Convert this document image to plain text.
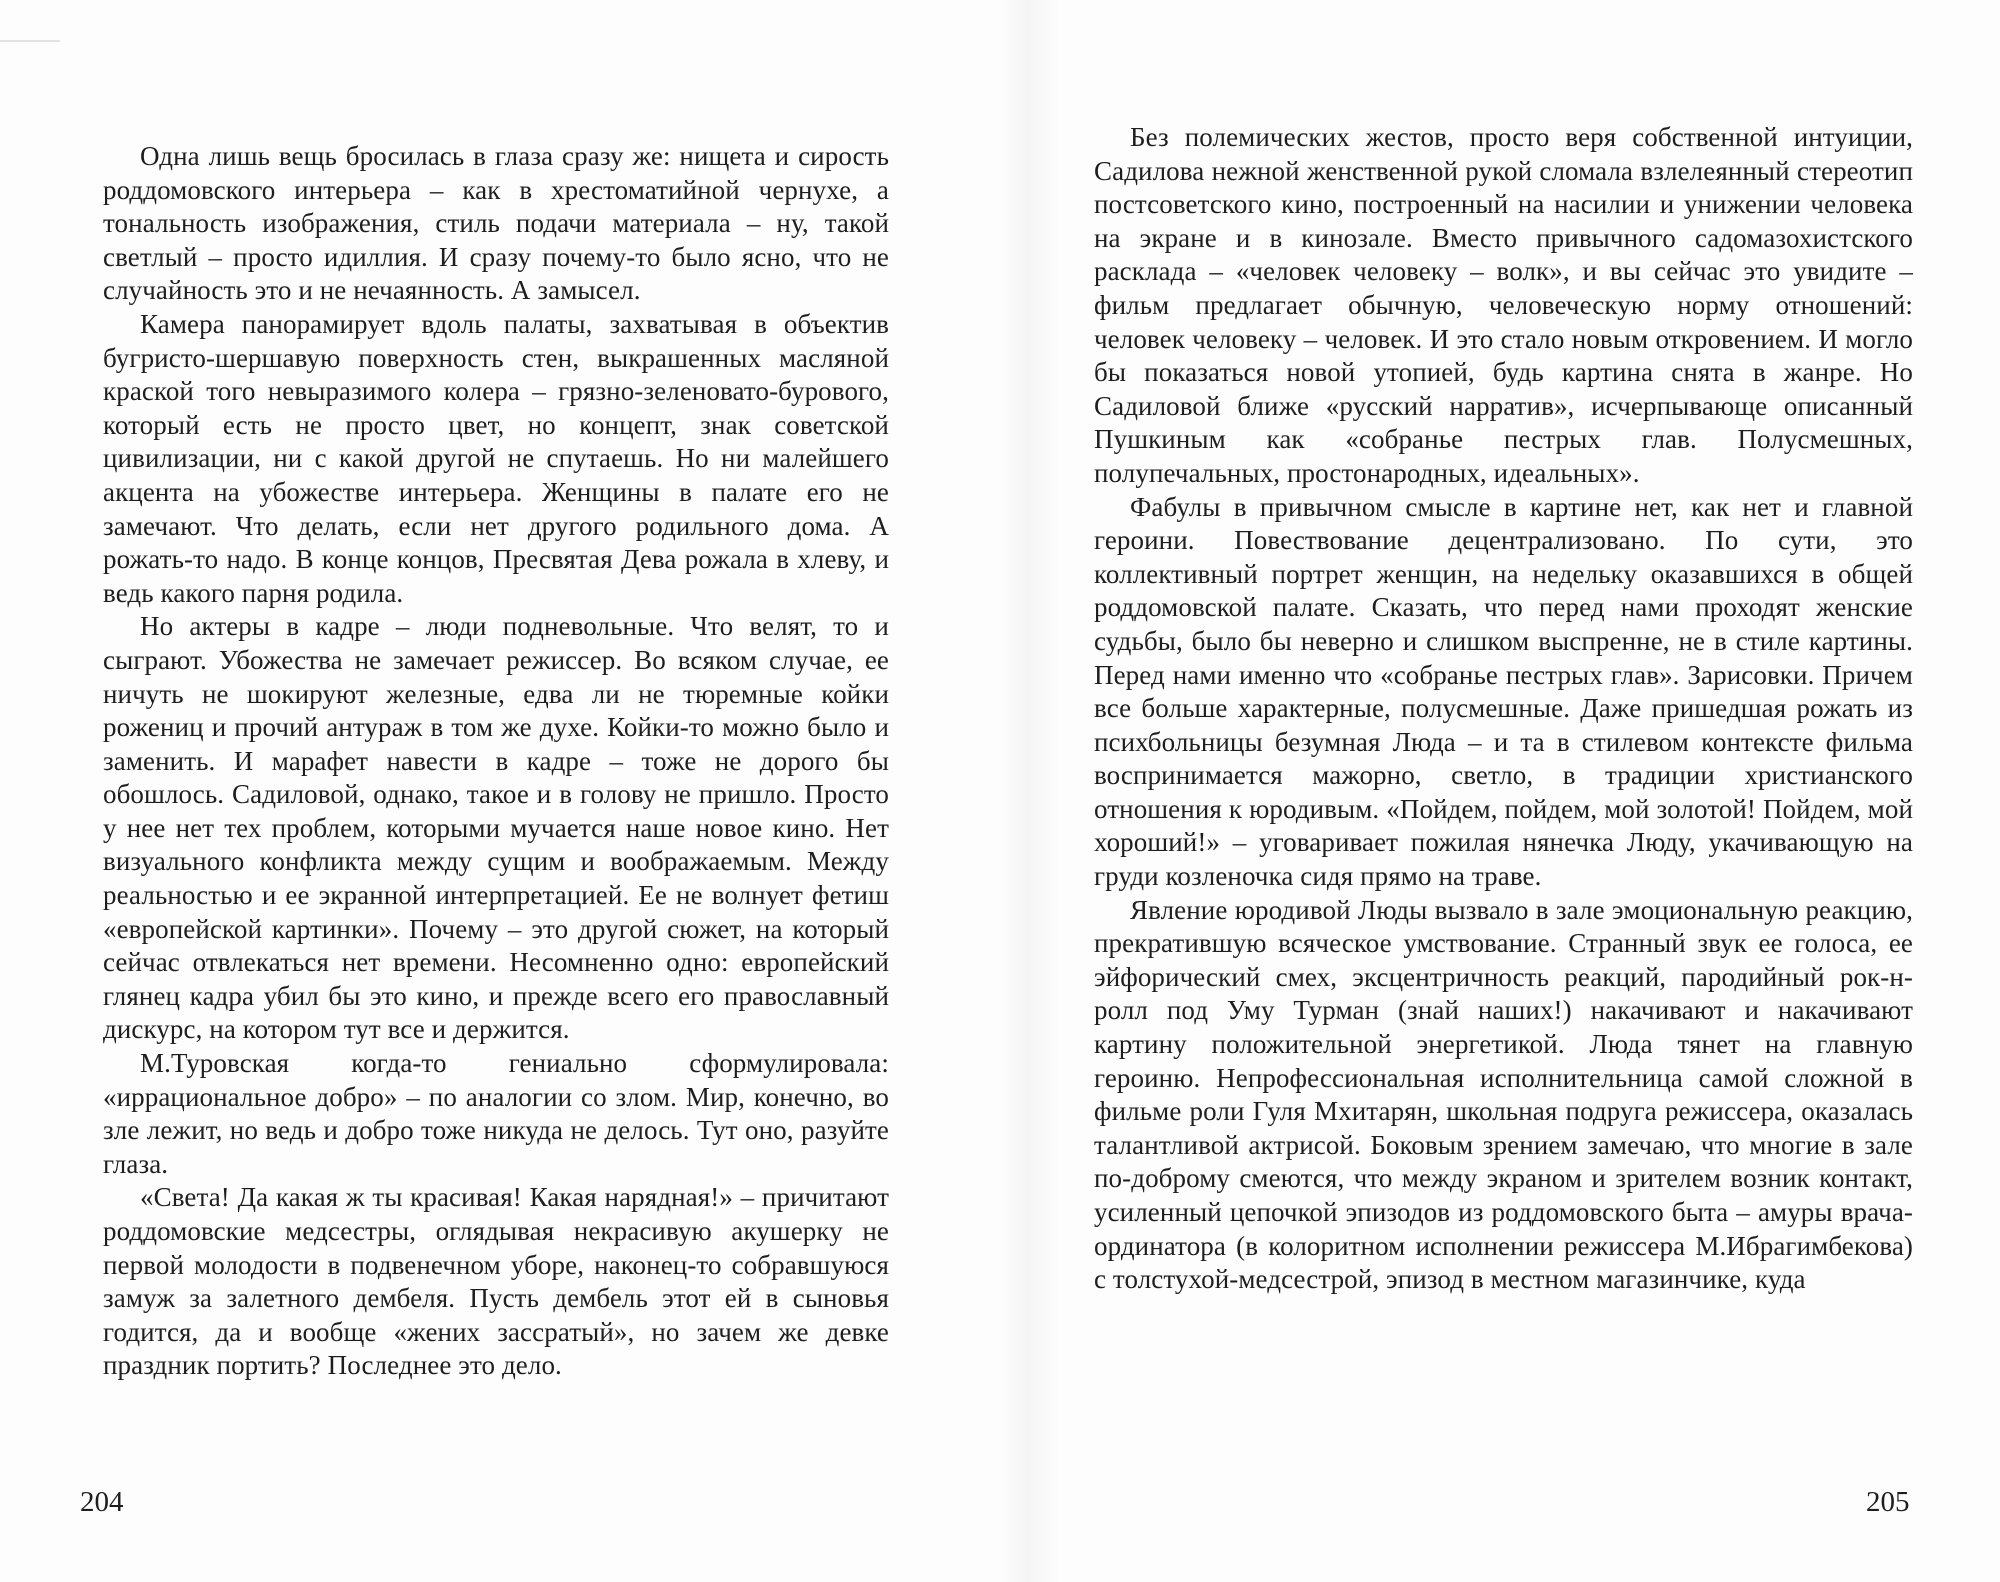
Одна лишь вещь бросилась в глаза сразу же: нищета и сирость роддомовского интерьера – как в хрестоматийной чернухе, а тональность изображения, стиль подачи материала – ну, такой светлый – просто идиллия. И сразу почему-то было ясно, что не случайность это и не нечаянность. А замысел.

Камера панорамирует вдоль палаты, захватывая в объектив бугристо-шершавую поверхность стен, выкрашенных масляной краской того невыразимого колера – грязно-зеленовато-бурового, который есть не просто цвет, но концепт, знак советской цивилизации, ни с какой другой не спутаешь. Но ни малейшего акцента на убожестве интерьера. Женщины в палате его не замечают. Что делать, если нет другого родильного дома. А рожать-то надо. В конце концов, Пресвятая Дева рожала в хлеву, и ведь какого парня родила.

Но актеры в кадре – люди подневольные. Что велят, то и сыграют. Убожества не замечает режиссер. Во всяком случае, ее ничуть не шокируют железные, едва ли не тюремные койки рожениц и прочий антураж в том же духе. Койки-то можно было и заменить. И марафет навести в кадре – тоже не дорого бы обошлось. Садиловой, однако, такое и в голову не пришло. Просто у нее нет тех проблем, которыми мучается наше новое кино. Нет визуального конфликта между сущим и воображаемым. Между реальностью и ее экранной интерпретацией. Ее не волнует фетиш «европейской картинки». Почему – это другой сюжет, на который сейчас отвлекаться нет времени. Несомненно одно: европейский глянец кадра убил бы это кино, и прежде всего его православный дискурс, на котором тут все и держится.

М.Туровская когда-то гениально сформулировала: «иррациональное добро» – по аналогии со злом. Мир, конечно, во зле лежит, но ведь и добро тоже никуда не делось. Тут оно, разуйте глаза.

«Света! Да какая ж ты красивая! Какая нарядная!» – причитают роддомовские медсестры, оглядывая некрасивую акушерку не первой молодости в подвенечном уборе, наконец-то собравшуюся замуж за залетного дембеля. Пусть дембель этот ей в сыновья годится, да и вообще «жених зассратый», но зачем же девке праздник портить? Последнее это дело.

Без полемических жестов, просто веря собственной интуиции, Садилова нежной женственной рукой сломала взлелеянный стереотип постсоветского кино, построенный на насилии и унижении человека на экране и в кинозале. Вместо привычного садомазохистского расклада – «человек человеку – волк», и вы сейчас это увидите – фильм предлагает обычную, человеческую норму отношений: человек человеку – человек. И это стало новым откровением. И могло бы показаться новой утопией, будь картина снята в жанре. Но Садиловой ближе «русский нарратив», исчерпывающе описанный Пушкиным как «собранье пестрых глав. Полусмешных, полупечальных, простонародных, идеальных».

Фабулы в привычном смысле в картине нет, как нет и главной героини. Повествование децентрализовано. По сути, это коллективный портрет женщин, на недельку оказавшихся в общей роддомовской палате. Сказать, что перед нами проходят женские судьбы, было бы неверно и слишком выспренне, не в стиле картины. Перед нами именно что «собранье пестрых глав». Зарисовки. Причем все больше характерные, полусмешные. Даже пришедшая рожать из психбольницы безумная Люда – и та в стилевом контексте фильма воспринимается мажорно, светло, в традиции христианского отношения к юродивым. «Пойдем, пойдем, мой золотой! Пойдем, мой хороший!» – уговаривает пожилая нянечка Люду, укачивающую на груди козленочка сидя прямо на траве.

Явление юродивой Люды вызвало в зале эмоциональную реакцию, прекратившую всяческое умствование. Странный звук ее голоса, ее эйфорический смех, эксцентричность реакций, пародийный рок-н-ролл под Уму Турман (знай наших!) накачивают и накачивают картину положительной энергетикой. Люда тянет на главную героиню. Непрофессиональная исполнительница самой сложной в фильме роли Гуля Мхитарян, школьная подруга режиссера, оказалась талантливой актрисой. Боковым зрением замечаю, что многие в зале по-доброму смеются, что между экраном и зрителем возник контакт, усиленный цепочкой эпизодов из роддомовского быта – амуры врача-ординатора (в колоритном исполнении режиссера М.Ибрагимбекова) с толстухой-медсестрой, эпизод в местном магазинчике, куда

204	205
